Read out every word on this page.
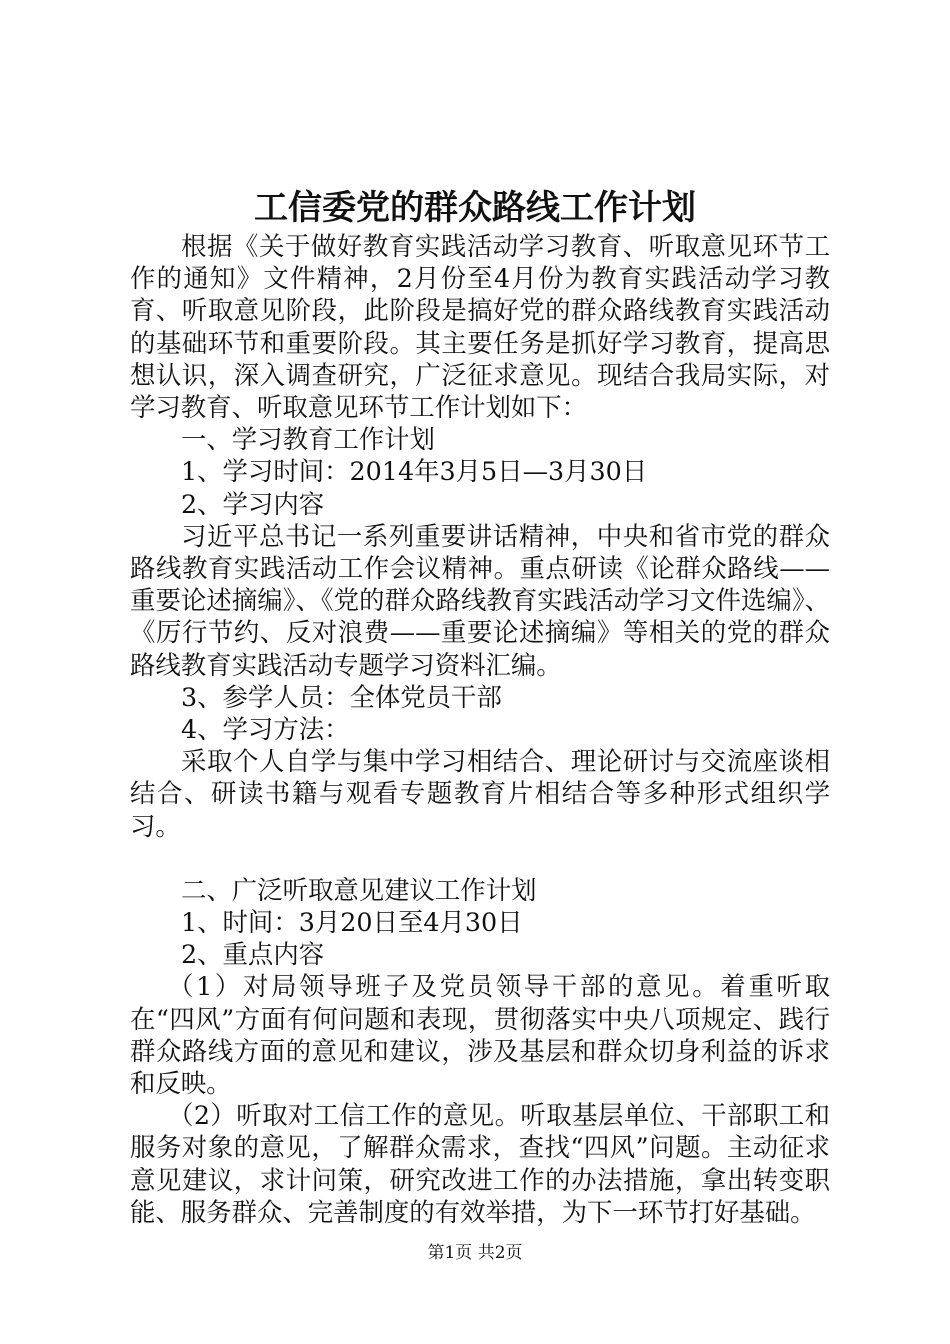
工信委党的群众路线工作计划

根据《关于做好教育实践活动学习教育、听取意见环节工作的通知》文件精神，2月份至4月份为教育实践活动学习教育、听取意见阶段，此阶段是搞好党的群众路线教育实践活动的基础环节和重要阶段。其主要任务是抓好学习教育，提高思想认识，深入调查研究，广泛征求意见。现结合我局实际，对学习教育、听取意见环节工作计划如下：

一、学习教育工作计划

1、学习时间：2014年3月5日—3月30日

2、学习内容

习近平总书记一系列重要讲话精神，中央和省市党的群众路线教育实践活动工作会议精神。重点研读《论群众路线——重要论述摘编》、《党的群众路线教育实践活动学习文件选编》、《厉行节约、反对浪费——重要论述摘编》等相关的党的群众路线教育实践活动专题学习资料汇编。

3、参学人员：全体党员干部

4、学习方法：

采取个人自学与集中学习相结合、理论研讨与交流座谈相结合、研读书籍与观看专题教育片相结合等多种形式组织学习。

二、广泛听取意见建议工作计划

1、时间：3月20日至4月30日

2、重点内容

（1）对局领导班子及党员领导干部的意见。着重听取在“四风”方面有何问题和表现，贯彻落实中央八项规定、践行群众路线方面的意见和建议，涉及基层和群众切身利益的诉求和反映。

（2）听取对工信工作的意见。听取基层单位、干部职工和服务对象的意见，了解群众需求，查找“四风”问题。主动征求意见建议，求计问策，研究改进工作的办法措施，拿出转变职能、服务群众、完善制度的有效举措，为下一环节打好基础。

第1页 共2页
